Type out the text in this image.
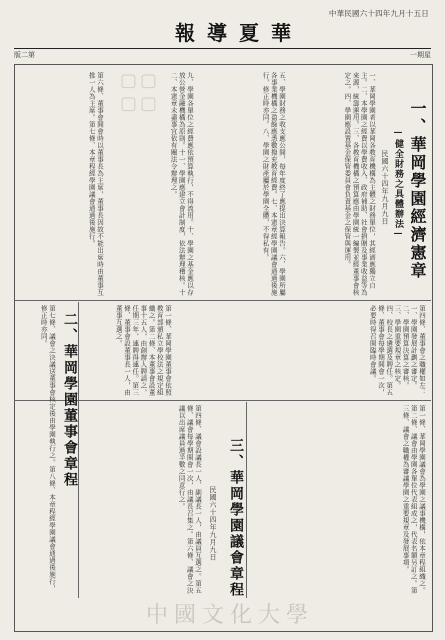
中華民國六十四年九月十五日
報 導 夏 華
版二第	一期星
▢▢
▢▢
一、華岡學園經濟憲章
—健全財務之具體辦法—
民國六十四年九月九日
一、華岡學園者以華岡各教育機構為主體之財務單位，其經濟應獨立自主。二、本學園之經費以學費收入、政府補助、社會捐贈及事業收益等為來源，統籌運用。三、各教育機構之預算應由學園統一編製並經董事會核定之。四、學園應設置基金保管委員會負責基金之保管與運用。
五、學園財務之收支應公開，每年度終了應提出決算報告。六、學園所屬各事業機構之盈餘應悉數撥充教育經費。七、本憲章經學園議會通過後施行，修正時亦同。八、學園之財產屬於學園全體，不得私有。
九、學園各單位之經費應依預算執行，不得流用。十、學園之基金應以存放公營金融機構為原則。十一、學園應建立會計制度，依法辦理稽核。十二、本憲章未盡事宜依有關法令辦理之。
第六條、董事會開會時以董事長為主席，董事長因故不能出席時由董事互推一人為主席。第七條、本章程經學園議會通過後施行。
二、華岡學園董事會章程	第一條、華岡學園董事會依照教育部頒私立學校法之規定組織之。第二條、本董事會設董事十五人，由創辦人聘請之，任期三年，連聘得連任。第三條、董事會設董事長一人，由董事互選之。	第四條、董事會之職權如左：一、學園發展計劃之審定。二、學園預算決算之審核。三、學園重要規章之核定。四、校長之遴選及聘任。第五條、董事會每學期開會一次，必要時得召開臨時會議。
第七條、議會之決議送董事會核定後由學園執行之。第八條、本章程經學園議會通過後施行，修正時亦同。
三、華岡學園議會章程
民國六十四年九月九日	第一條、華岡學園議會為學園之議事機構，依本章程組織之。第二條、議會由學園各單位代表組成之，代表名額另訂之。第三條、議會之職權為審議學園之重要規章及發展事項。
第四條、議會設議長一人、副議長一人，由議員互選之。第五條、議會每學期開會一次，由議長召集之。第六條、議會之決議以出席議員過半數之同意行之。
中國文化大學
